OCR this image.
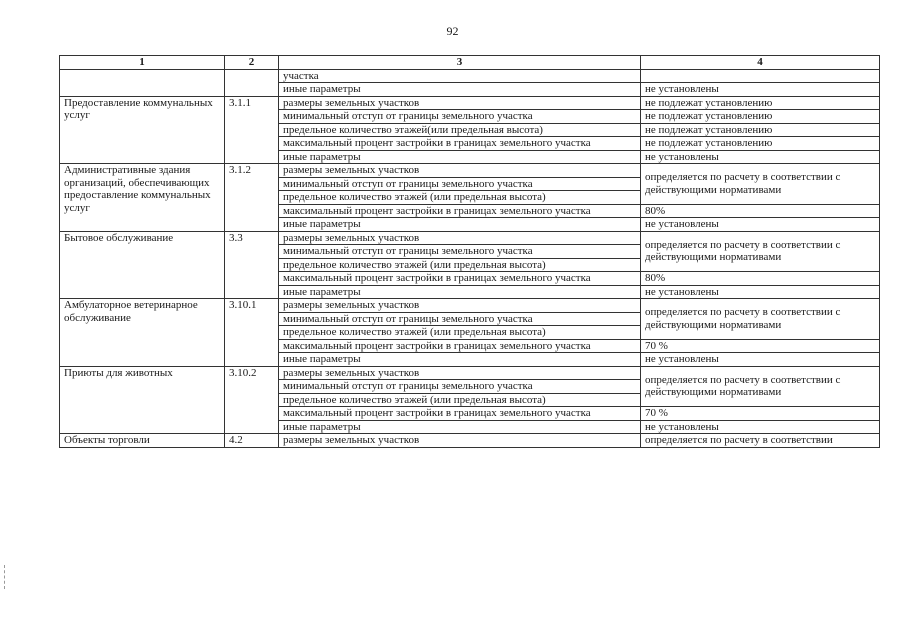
92
1	2	3	4
		участка	
		иные параметры	не установлены
Предоставление коммунальных услуг	3.1.1	размеры земельных участков	не подлежат установлению
		минимальный отступ от границы земельного участка	не подлежат установлению
		предельное количество этажей(или предельная высота)	не подлежат установлению
		максимальный процент застройки в границах земельного участка	не подлежат установлению
		иные параметры	не установлены
Административные здания организаций, обеспечивающих предоставление коммунальных услуг	3.1.2	размеры земельных участков	определяется по расчету в соответствии с действующими нормативами
		минимальный отступ от границы земельного участка	
		предельное количество этажей (или предельная высота)	
		максимальный процент застройки в границах земельного участка	80%
		иные параметры	не установлены
Бытовое обслуживание	3.3	размеры земельных участков	определяется по расчету в соответствии с действующими нормативами
		минимальный отступ от границы земельного участка	
		предельное количество этажей (или предельная высота)	
		максимальный процент застройки в границах земельного участка	80%
		иные параметры	не установлены
Амбулаторное ветеринарное обслуживание	3.10.1	размеры земельных участков	определяется по расчету в соответствии с действующими нормативами
		минимальный отступ от границы земельного участка	
		предельное количество этажей (или предельная высота)	
		максимальный процент застройки в границах земельного участка	70 %
		иные параметры	не установлены
Приюты для животных	3.10.2	размеры земельных участков	определяется по расчету в соответствии с действующими нормативами
		минимальный отступ от границы земельного участка	
		предельное количество этажей (или предельная высота)	
		максимальный процент застройки в границах земельного участка	70 %
		иные параметры	не установлены
Объекты торговли	4.2	размеры земельных участков	определяется по расчету в соответствии
